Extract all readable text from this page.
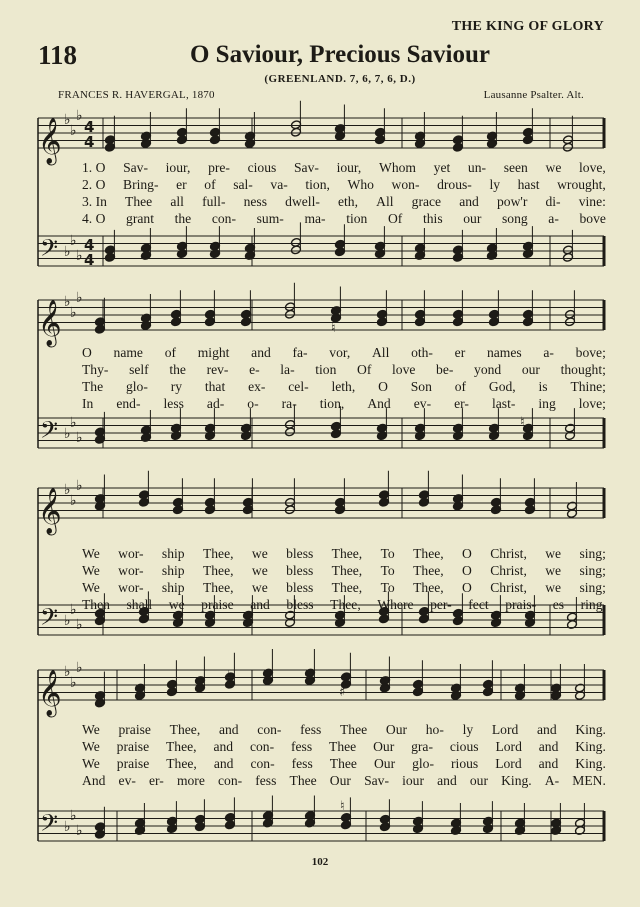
𝄞 ♭
♭
♭
4
4
𝄢 ♭
♭
♭
4
4
𝄞 ♭
♭
♭
𝄢 ♭
♭
♭
𝄞 ♭
♭
♭
𝄢 ♭
♭
♭
𝄞 ♭
♭
♭
𝄢 ♭
♭
♭
♮
♮
♯
♮
♮
THE KING OF GLORY
118	O Saviour, Precious Saviour
(GREENLAND. 7, 6, 7, 6, D.)
FRANCES R. HAVERGAL, 1870	Lausanne Psalter. Alt.
1. O Sav- iour, pre- cious Sav- iour, Whom yet un- seen we love,
2. O Bring- er of sal- va- tion, Who won- drous- ly hast wrought,
3. In Thee all full- ness dwell- eth, All grace and pow'r di- vine:
4. O grant the con- sum- ma- tion Of this our song a- bove
O name of might and fa- vor, All oth- er names a- bove;
Thy- self the rev- e- la- tion Of love be- yond our thought;
The glo- ry that ex- cel- leth, O Son of God, is Thine;
In end- less ad- o- ra- tion, And ev- er- last- ing love;
We wor- ship Thee, we bless Thee, To Thee, O Christ, we sing;
We wor- ship Thee, we bless Thee, To Thee, O Christ, we sing;
We wor- ship Thee, we bless Thee, To Thee, O Christ, we sing;
Then shall we praise and bless Thee, Where per- fect prais- es ring,
We praise Thee, and con- fess Thee Our ho- ly Lord and King.
We praise Thee, and con- fess Thee Our gra- cious Lord and King.
We praise Thee, and con- fess Thee Our glo- rious Lord and King.
And ev- er- more con- fess Thee Our Sav- iour and our King. A- MEN.
102
